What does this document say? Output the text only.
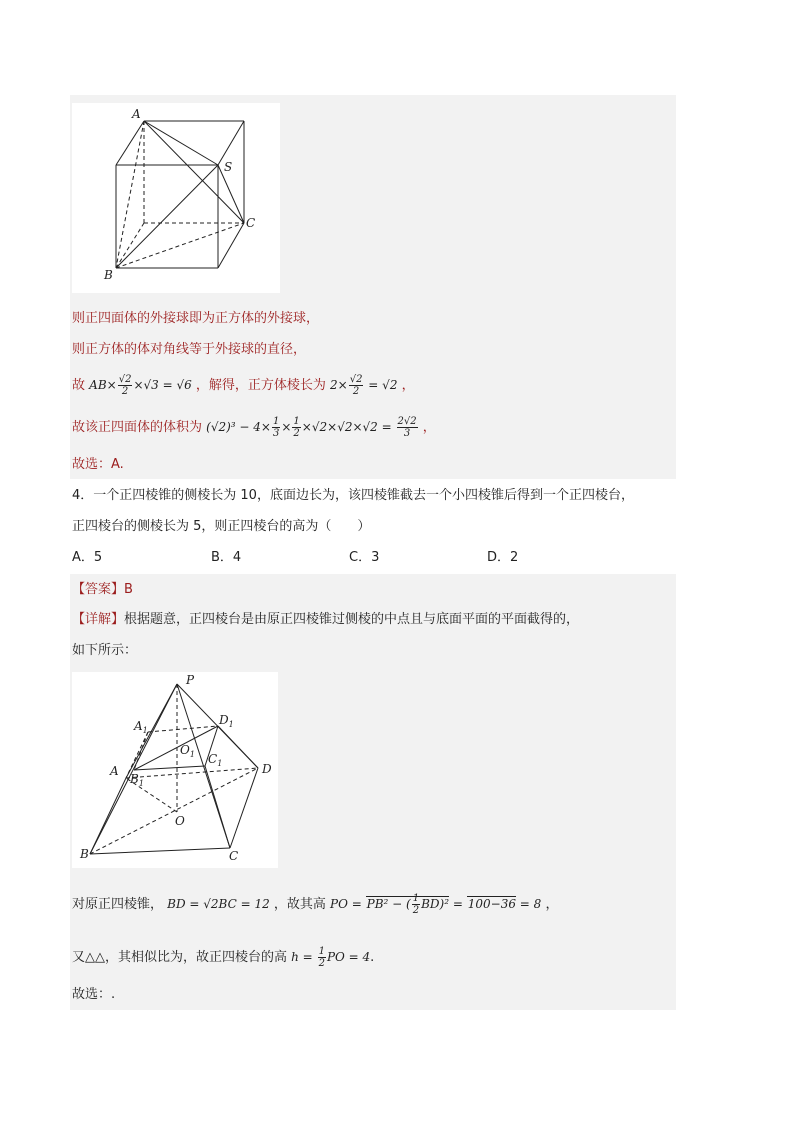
A
S
C
B
则正四面体的外接球即为正方体的外接球，
则正方体的体对角线等于外接球的直径，
故 $AB\times \frac{√2}{2} \times√3 = √6$ ，解得，正方体棱长为 $2\times \frac{√2}{2} = √2$ ，
故该正四面体的体积为 $(√2)^3 - 4\times \frac{1}{3} \times \frac{1}{2} \times√2\times√2\times√2 = \frac{2√2}{3}$ ，
故选：A.
4．一个正四棱锥的侧棱长为 10，底面边长为，该四棱锥截去一个小四棱锥后得到一个正四棱台，
正四棱台的侧棱长为 5，则正四棱台的高为（　　）
A．5	B．4	C．3	D．2
【答案】B
【详解】根据题意，正四棱台是由原正四棱锥过侧棱的中点且与底面平面的平面截得的，
如下所示：
P
$A_1$
$D_1$
$O_1$ $C_1$
A
$B_1$
D
O
B	C
对原正四棱锥， BD = √2BC = 12 ，故其高 PO = PB² − ( $\frac{1}{2} BD)^2 = 100-36 = 8$ ，
又△△，其相似比为，故正四棱台的高 $h = \frac{1}{2}$ PO = 4.
故选：.
